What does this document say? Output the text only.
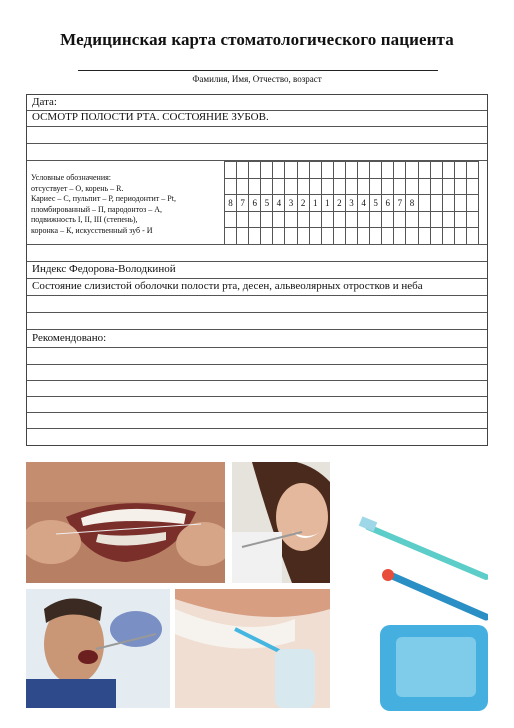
Медицинская карта стоматологического пациента
Фамилия, Имя, Отчество, возраст
Дата:
ОСМОТР ПОЛОСТИ РТА. СОСТОЯНИЕ ЗУБОВ.
Условные обозначения:
отсуствует – О, корень – R.
Кариес – С, пульпит – Р, периодонтит – Pt,
пломбированный – П, пародонтоз – А,
подвижность I, II, III (степень),
коронка – К, искусственный зуб - И

8	7	6	5	4	3	2	1	1	2	3	4	5	6	7	8					

Индекс Федорова-Володкиной
Состояние слизистой оболочки полости рта, десен, альвеолярных отростков и неба
Рекомендовано:
